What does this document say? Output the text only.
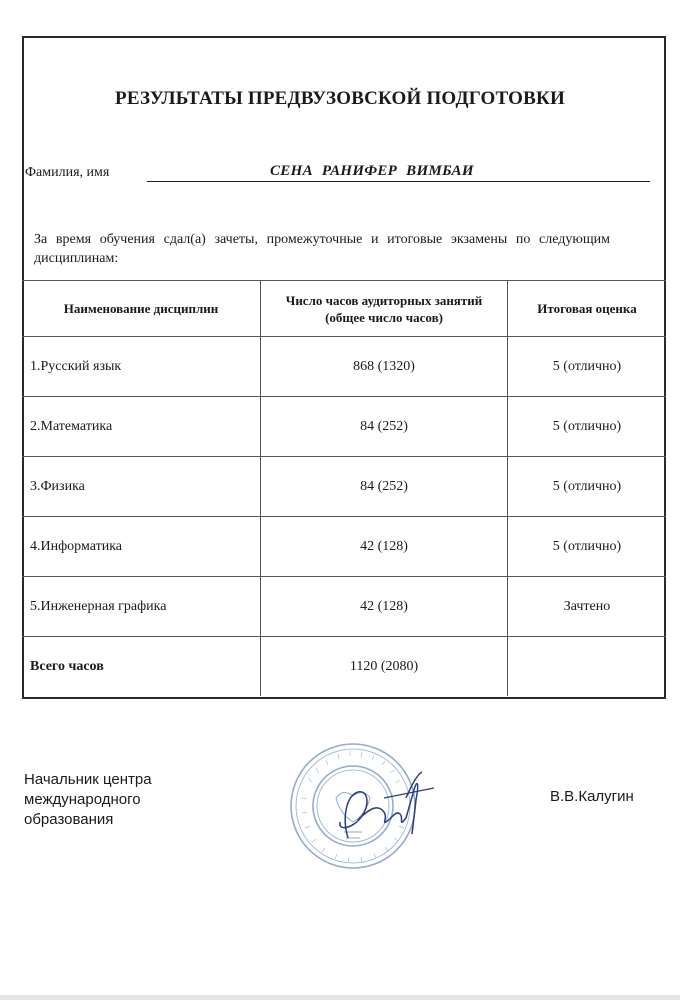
РЕЗУЛЬТАТЫ ПРЕДВУЗОВСКОЙ ПОДГОТОВКИ
Фамилия, имя	СЕНА РАНИФЕР ВИМБАИ
За время обучения сдал(а) зачеты, промежуточные и итоговые экзамены по следующим дисциплинам:
Наименование дисциплин	Число часов аудиторных занятий (общее число часов)	Итоговая оценка
1.Русский язык	868 (1320)	5 (отлично)
2.Математика	84 (252)	5 (отлично)
3.Физика	84 (252)	5 (отлично)
4.Информатика	42 (128)	5 (отлично)
5.Инженерная графика	42 (128)	Зачтено
Всего часов	1120 (2080)	
Начальник центра
международного
образования
В.В.Калугин
